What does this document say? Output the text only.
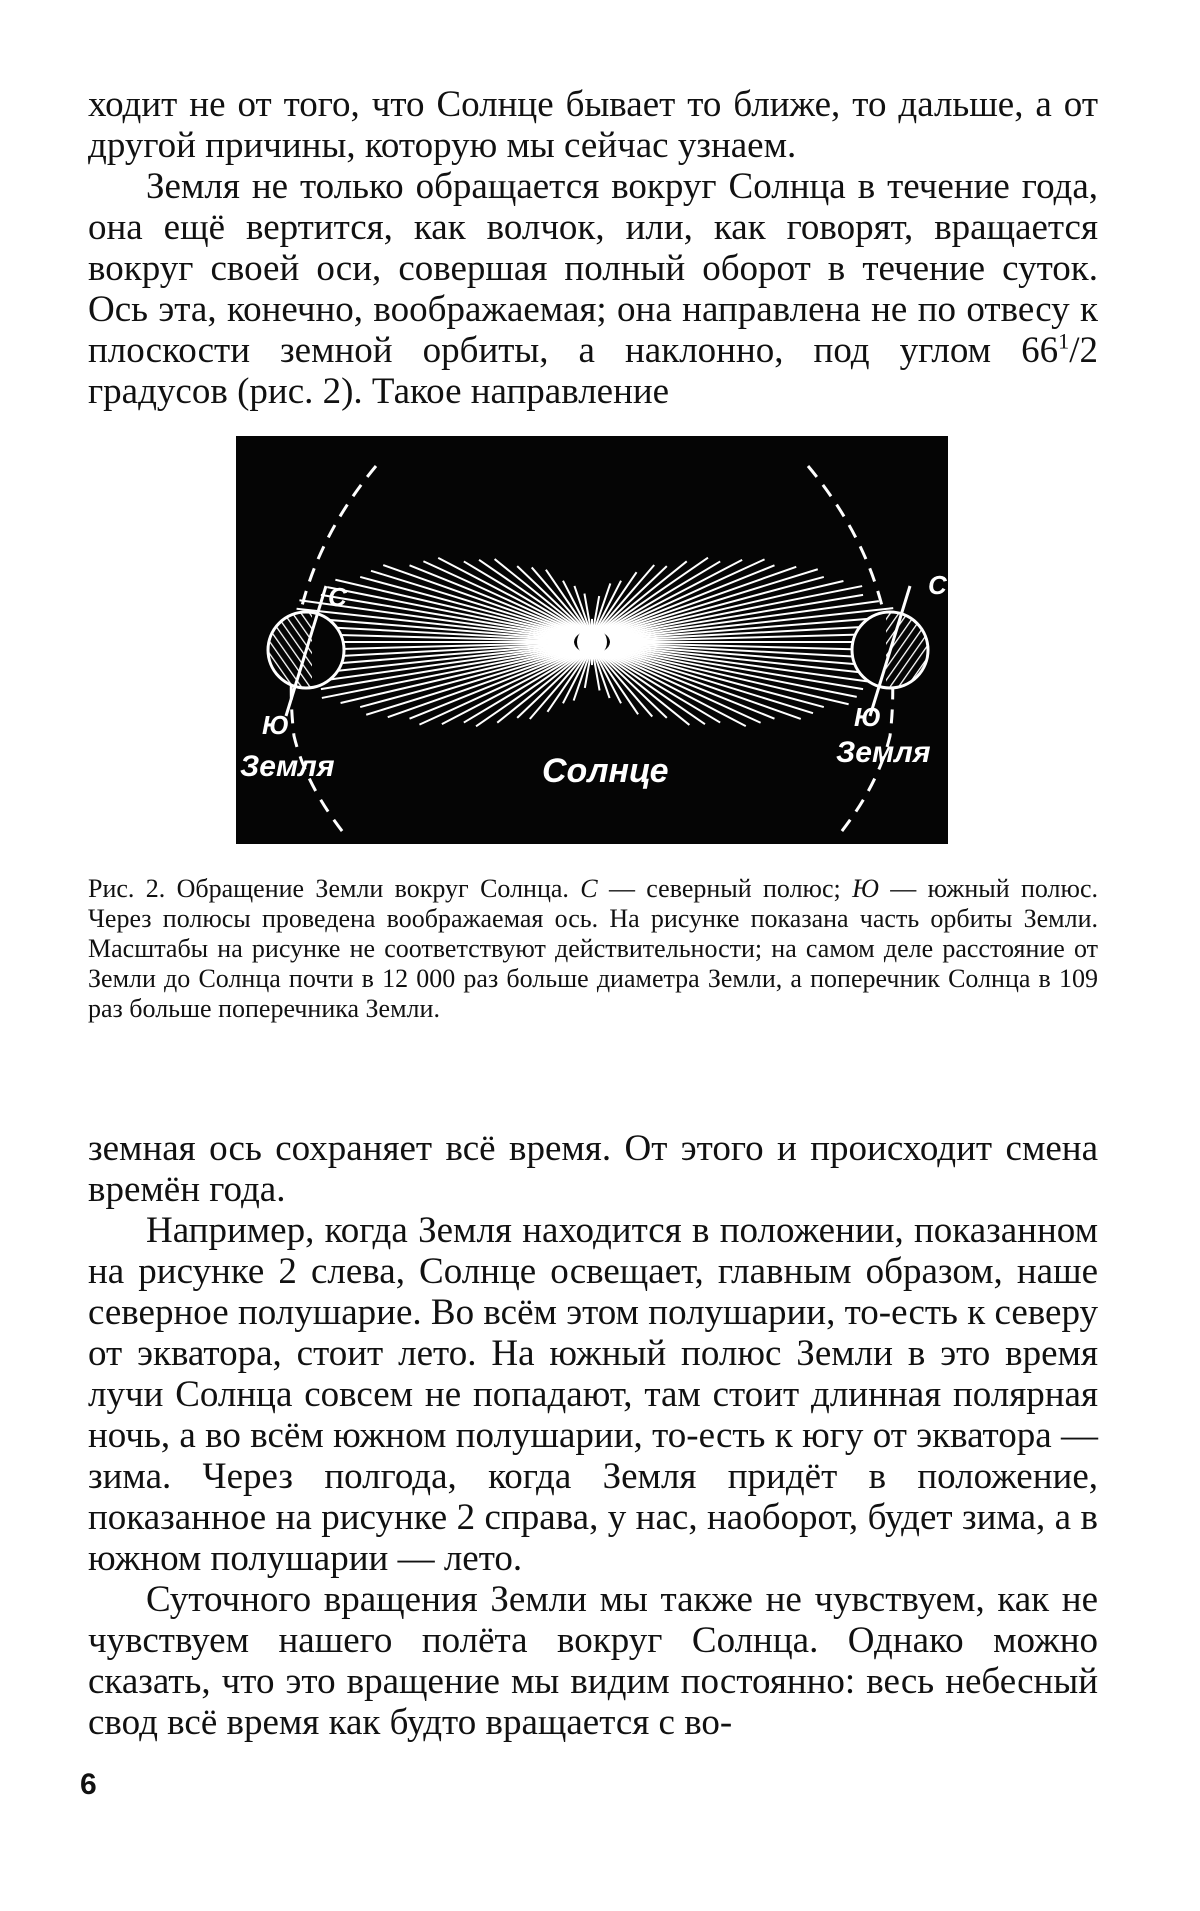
ходит не от того, что Солнце бывает то ближе, то дальше, а от другой причины, которую мы сейчас узнаем.

Земля не только обращается вокруг Солнца в течение года, она ещё вертится, как волчок, или, как говорят, вращается вокруг своей оси, совершая полный оборот в течение суток. Ось эта, конечно, воображаемая; она направлена не по отвесу к плоскости земной орбиты, а наклонно, под углом $66^1/2$ градусов (рис. 2). Такое направление

С
Ю
Земля
С
Ю
Земля
Солнце
Рис. 2. Обращение Земли вокруг Солнца. С — северный полюс; Ю — южный полюс. Через полюсы проведена воображаемая ось. На рисунке показана часть орбиты Земли. Масштабы на рисунке не соответствуют действительности; на самом деле расстояние от Земли до Солнца почти в 12 000 раз больше диаметра Земли, а поперечник Солнца в 109 раз больше поперечника Земли.

земная ось сохраняет всё время. От этого и происходит смена времён года.

Например, когда Земля находится в положении, показанном на рисунке 2 слева, Солнце освещает, главным образом, наше северное полушарие. Во всём этом полушарии, то-есть к северу от экватора, стоит лето. На южный полюс Земли в это время лучи Солнца совсем не попадают, там стоит длинная полярная ночь, а во всём южном полушарии, то-есть к югу от экватора — зима. Через полгода, когда Земля придёт в положение, показанное на рисунке 2 справа, у нас, наоборот, будет зима, а в южном полушарии — лето.

Суточного вращения Земли мы также не чувствуем, как не чувствуем нашего полёта вокруг Солнца. Однако можно сказать, что это вращение мы видим постоянно: весь небесный свод всё время как будто вращается с во-

6
